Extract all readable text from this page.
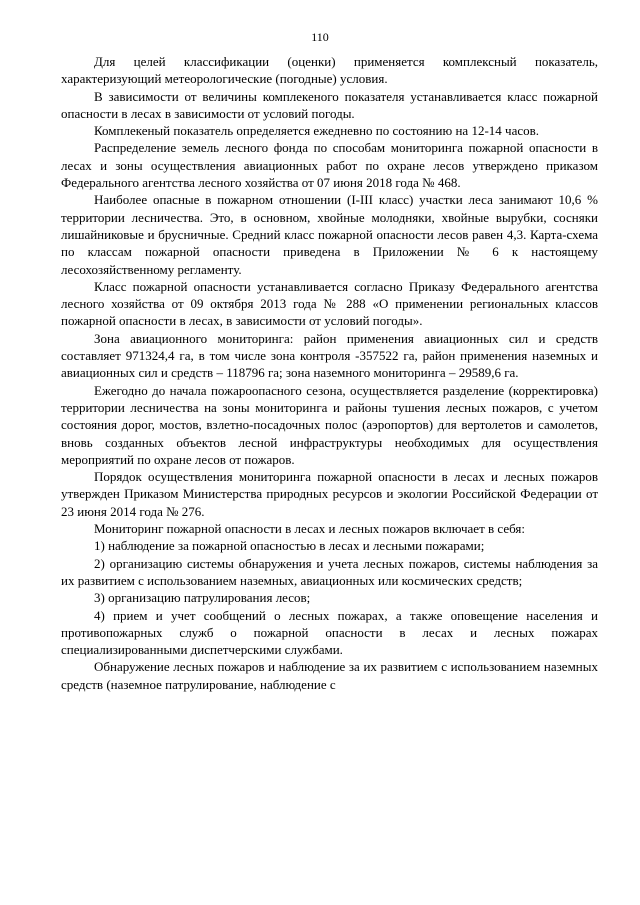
110

Для целей классификации (оценки) применяется комплексный показатель, характеризующий метеорологические (погодные) условия.

В зависимости от величины комплекеного показателя устанавливается класс пожарной опасности в лесах в зависимости от условий погоды.

Комплекеный показатель определяется ежедневно по состоянию на 12-14 часов.

Распределение земель лесного фонда по способам мониторинга пожарной опасности в лесах и зоны осуществления авиационных работ по охране лесов утверждено приказом Федерального агентства лесного хозяйства от 07 июня 2018 года № 468.

Наиболее опасные в пожарном отношении (I-III класс) участки леса занимают 10,6 % территории лесничества. Это, в основном, хвойные молодняки, хвойные вырубки, сосняки лишайниковые и брусничные. Средний класс пожарной опасности лесов равен 4,3. Карта-схема по классам пожарной опасности приведена в Приложении № 6 к настоящему лесохозяйственному регламенту.

Класс пожарной опасности устанавливается согласно Приказу Федерального агентства лесного хозяйства от 09 октября 2013 года № 288 «О применении региональных классов пожарной опасности в лесах, в зависимости от условий погоды».

Зона авиационного мониторинга: район применения авиационных сил и средств составляет 971324,4 га, в том числе зона контроля -357522 га, район применения наземных и авиационных сил и средств – 118796 га; зона наземного мониторинга – 29589,6 га.

Ежегодно до начала пожароопасного сезона, осуществляется разделение (корректировка) территории лесничества на зоны мониторинга и районы тушения лесных пожаров, с учетом состояния дорог, мостов, взлетно-посадочных полос (аэропортов) для вертолетов и самолетов, вновь созданных объектов лесной инфраструктуры необходимых для осуществления мероприятий по охране лесов от пожаров.

Порядок осуществления мониторинга пожарной опасности в лесах и лесных пожаров утвержден Приказом Министерства природных ресурсов и экологии Российской Федерации от 23 июня 2014 года № 276.

Мониторинг пожарной опасности в лесах и лесных пожаров включает в себя:

1) наблюдение за пожарной опасностью в лесах и лесными пожарами;

2) организацию системы обнаружения и учета лесных пожаров, системы наблюдения за их развитием с использованием наземных, авиационных или космических средств;

3) организацию патрулирования лесов;

4) прием и учет сообщений о лесных пожарах, а также оповещение населения и противопожарных служб о пожарной опасности в лесах и лесных пожарах специализированными диспетчерскими службами.

Обнаружение лесных пожаров и наблюдение за их развитием с использованием наземных средств (наземное патрулирование, наблюдение с
